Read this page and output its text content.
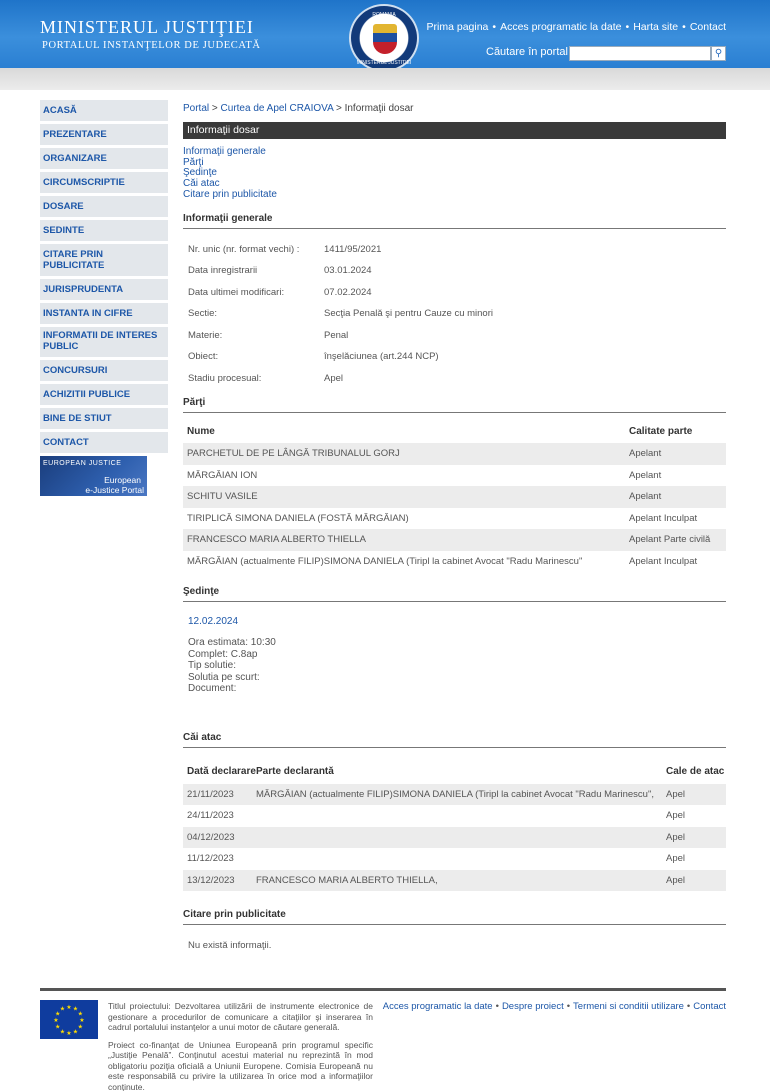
MINISTERUL JUSTIŢIEI
PORTALUL INSTANŢELOR DE JUDECATĂ
ROMANIA
MINISTERUL JUSTITIEI
Prima pagina • Acces programatic la date • Harta site • Contact
Căutare în portal	⚲
ACASĂ
PREZENTARE
ORGANIZARE
CIRCUMSCRIPTIE
DOSARE
SEDINTE
CITARE PRIN PUBLICITATE
JURISPRUDENTA
INSTANTA IN CIFRE
INFORMATII DE INTERES PUBLIC
CONCURSURI
ACHIZITII PUBLICE
BINE DE STIUT
CONTACT
EUROPEAN JUSTICE
European
e-Justice Portal
Portal > Curtea de Apel CRAIOVA > Informaţii dosar
Informaţii dosar
Informaţii generale
Părţi
Şedinţe
Căi atac
Citare prin publicitate
Informaţii generale
Nr. unic (nr. format vechi) :	1411/95/2021
Data inregistrarii	03.01.2024
Data ultimei modificari:	07.02.2024
Sectie:	Secţia Penală şi pentru Cauze cu minori
Materie:	Penal
Obiect:	înşelăciunea (art.244 NCP)
Stadiu procesual:	Apel
Părţi
Nume	Calitate parte
PARCHETUL DE PE LÂNGĂ TRIBUNALUL GORJ	Apelant
MĂRGĂIAN ION	Apelant
SCHITU VASILE	Apelant
TIRIPLICĂ SIMONA DANIELA (FOSTĂ MĂRGĂIAN)	Apelant Inculpat
FRANCESCO MARIA ALBERTO THIELLA	Apelant Parte civilă
MĂRGĂIAN (actualmente FILIP)SIMONA DANIELA (Tiripl la cabinet Avocat "Radu Marinescu"	Apelant Inculpat
Şedinţe
12.02.2024
Ora estimata: 10:30
Complet: C.8ap
Tip solutie:
Solutia pe scurt:
Document:
Căi atac
Dată declarare	Parte declarantă	Cale de atac
21/11/2023	MĂRGĂIAN (actualmente FILIP)SIMONA DANIELA (Tiripl la cabinet Avocat "Radu Marinescu",	Apel
24/11/2023		Apel
04/12/2023		Apel
11/12/2023		Apel
13/12/2023	FRANCESCO MARIA ALBERTO THIELLA,	Apel
Citare prin publicitate
Nu există informaţii.
★ ★
★
★
★
★
★
★
★
★
★
★	Titlul proiectului: Dezvoltarea utilizării de instrumente electronice de gestionare a procedurilor de comunicare a citaţiilor şi inserarea în cadrul portalului instanţelor a unui motor de căutare generală.

Proiect co-finanţat de Uniunea Europeană prin programul specific „Justiţie Penală”. Conţinutul acestui material nu reprezintă în mod obligatoriu poziţia oficială a Uniunii Europene. Comisia Europeană nu este responsabilă cu privire la utilizarea în orice mod a informaţiilor conţinute.

Acces programatic la date • Despre proiect • Termeni si conditii utilizare • Contact
